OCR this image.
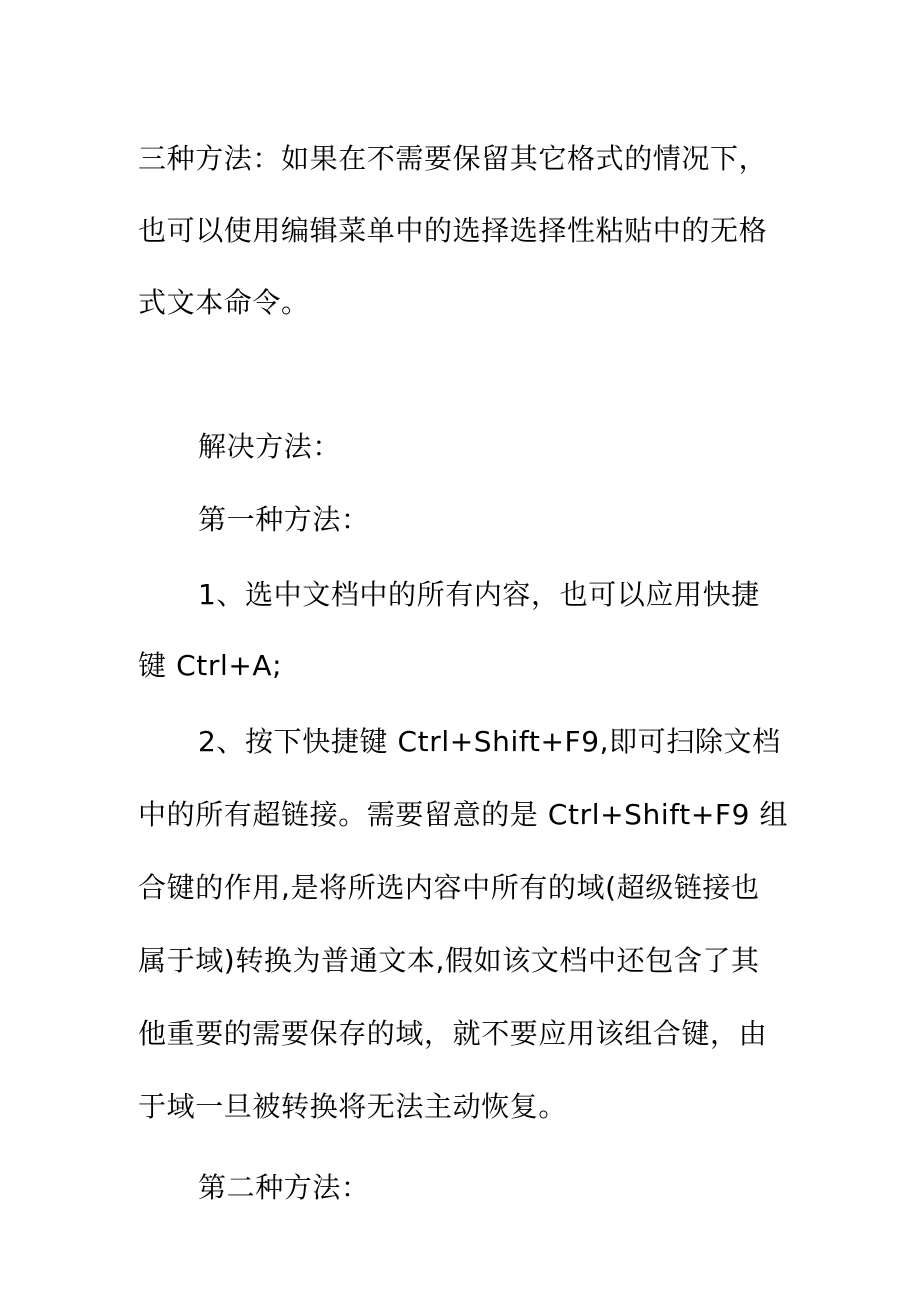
三种方法：如果在不需要保留其它格式的情况下，
也可以使用编辑菜单中的选择选择性粘贴中的无格
式文本命令。
解决方法：
第一种方法：
1、选中文档中的所有内容，也可以应用快捷
键 Ctrl+A;
2、按下快捷键 Ctrl+Shift+F9,即可扫除文档
中的所有超链接。需要留意的是 Ctrl+Shift+F9 组
合键的作用,是将所选内容中所有的域(超级链接也
属于域)转换为普通文本,假如该文档中还包含了其
他重要的需要保存的域，就不要应用该组合键，由
于域一旦被转换将无法主动恢复。
第二种方法：
